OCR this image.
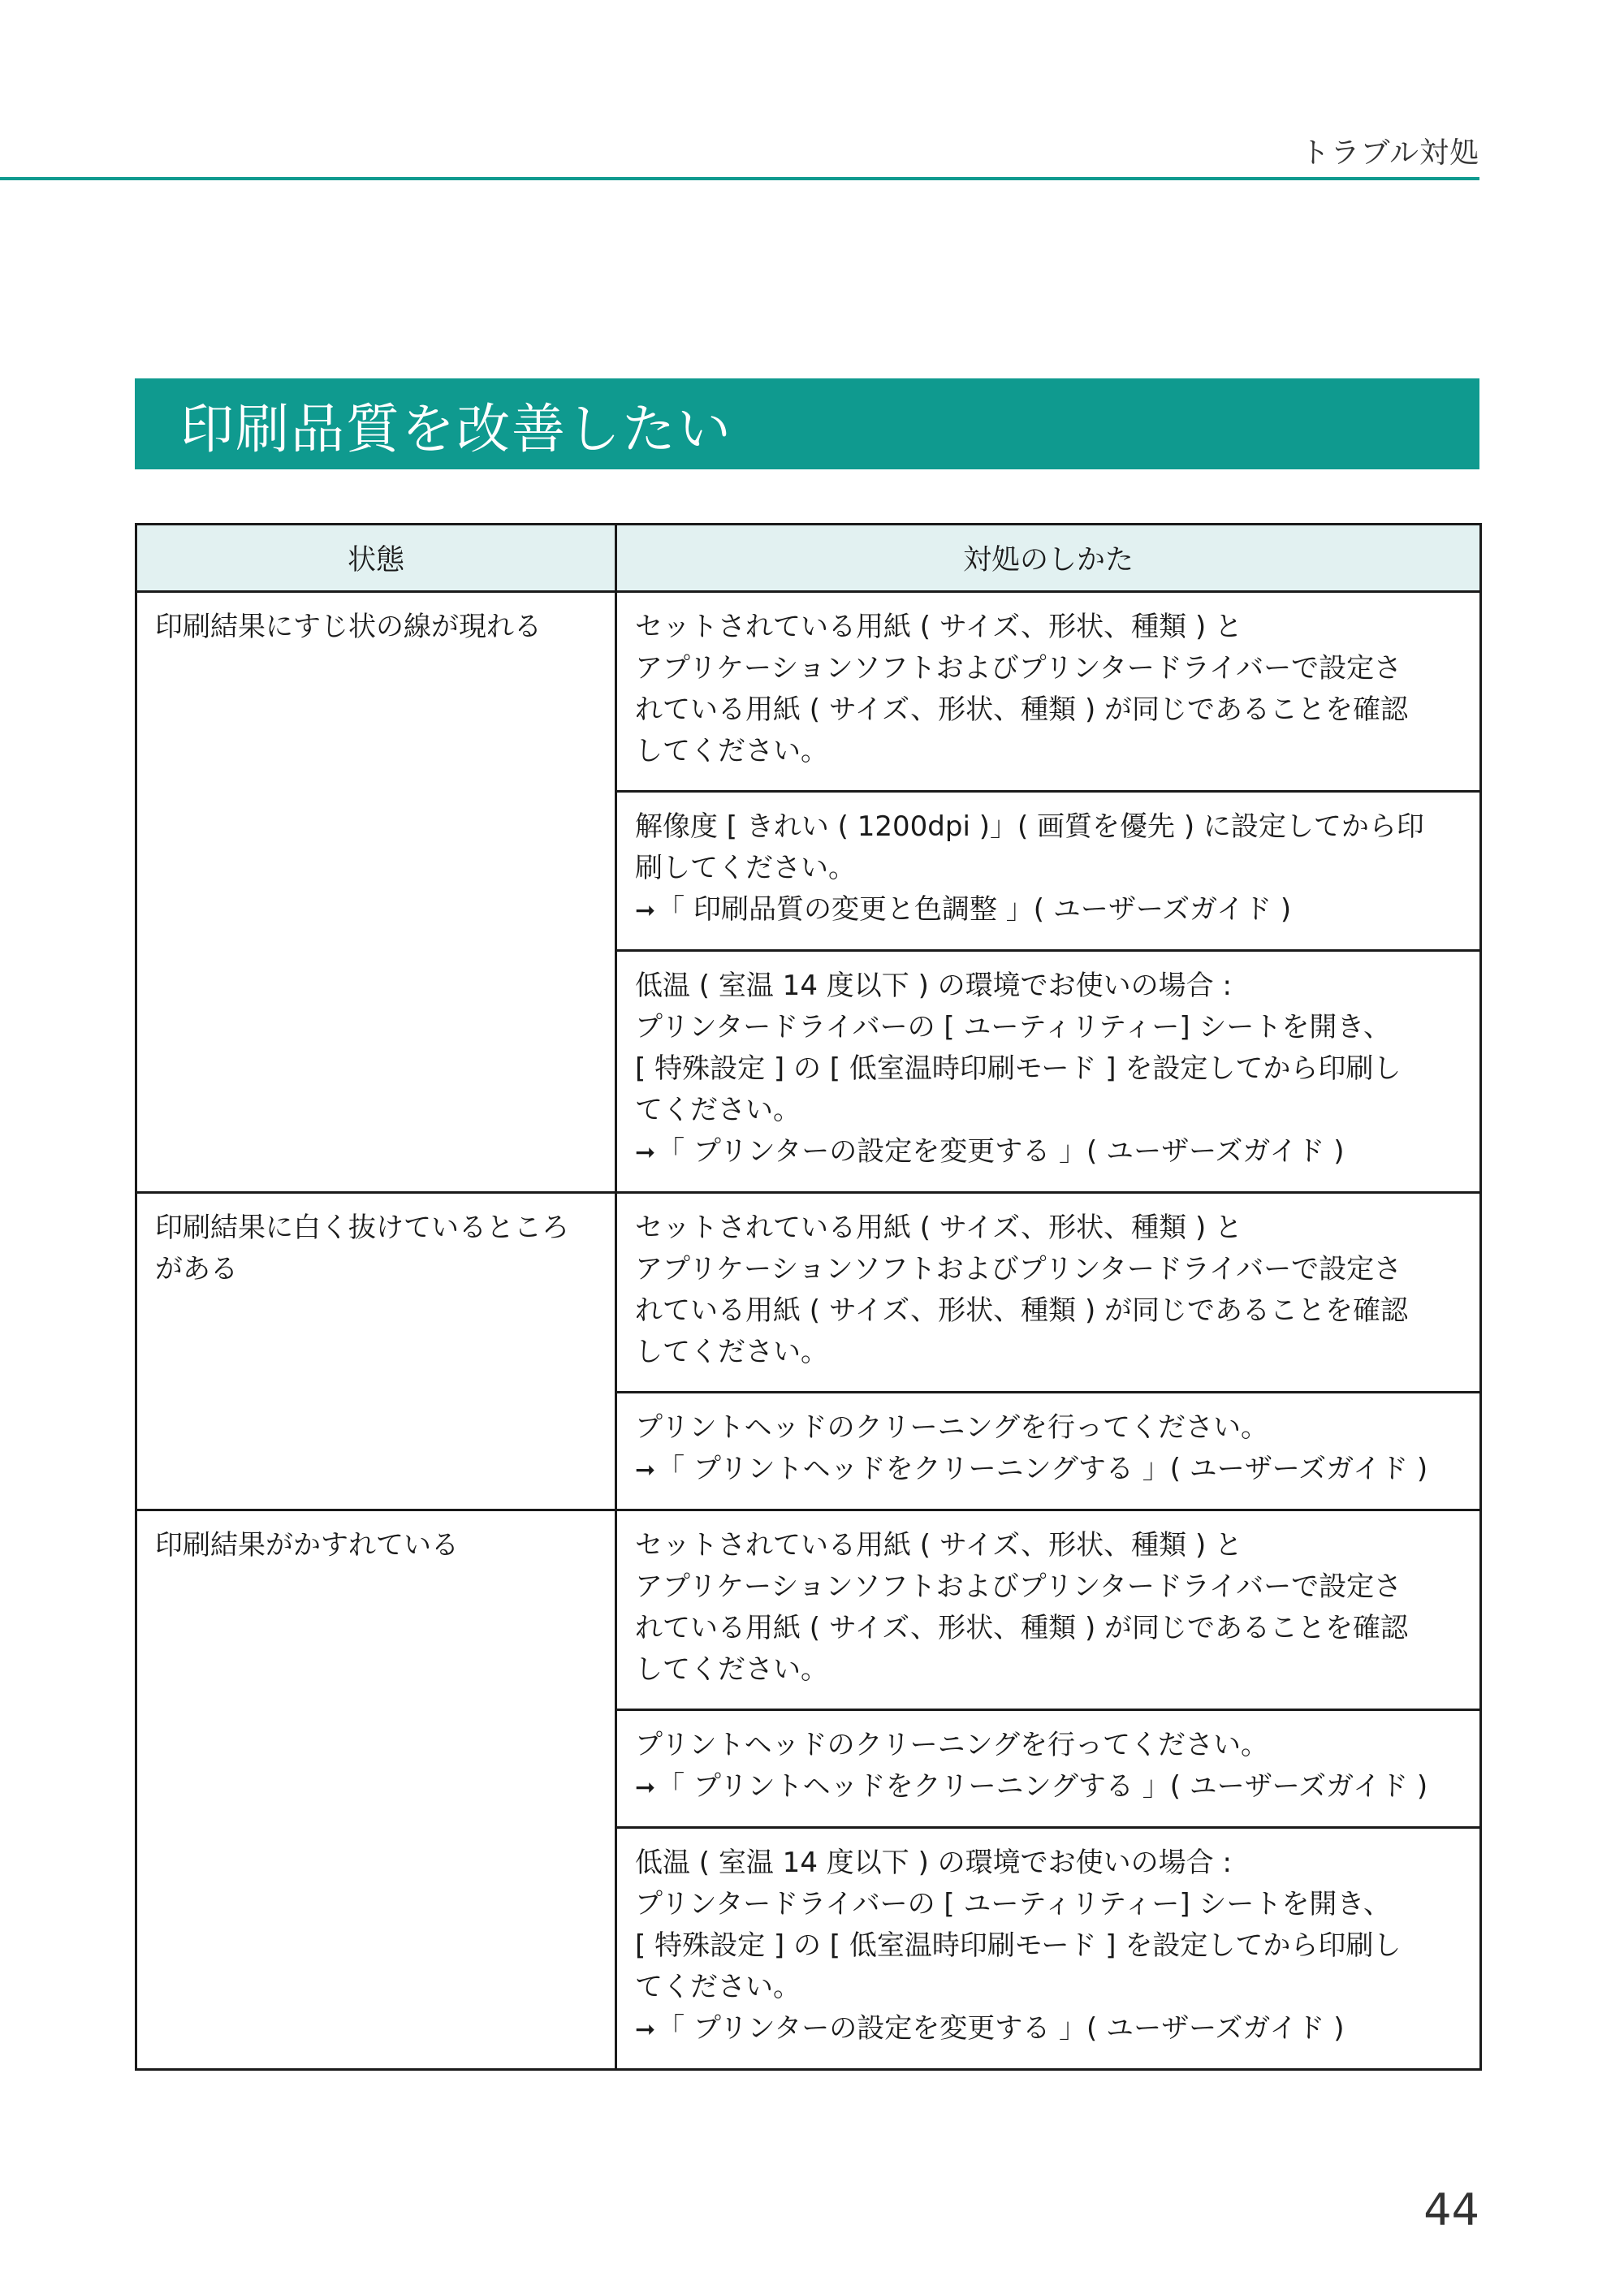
トラブル対処
印刷品質を改善したい
状態	対処のしかた

印刷結果にすじ状の線が現れる	セットされている用紙 ( サイズ、形状、種類 ) と
アプリケーションソフトおよびプリンタードライバーで設定さ
れている用紙 ( サイズ、形状、種類 ) が同じであることを確認
してください。

	解像度 [ きれい ( 1200dpi )」( 画質を優先 ) に設定してから印
刷してください。
➞「 印刷品質の変更と色調整 」( ユーザーズガイド )

	低温 ( 室温 14 度以下 ) の環境でお使いの場合 :
プリンタードライバーの [ ユーティリティー] シートを開き、
[ 特殊設定 ] の [ 低室温時印刷モード ] を設定してから印刷し
てください。
➞「 プリンターの設定を変更する 」( ユーザーズガイド )

印刷結果に白く抜けているところ
がある	セットされている用紙 ( サイズ、形状、種類 ) と
アプリケーションソフトおよびプリンタードライバーで設定さ
れている用紙 ( サイズ、形状、種類 ) が同じであることを確認
してください。

	プリントヘッドのクリーニングを行ってください。
➞「 プリントヘッドをクリーニングする 」( ユーザーズガイド )

印刷結果がかすれている	セットされている用紙 ( サイズ、形状、種類 ) と
アプリケーションソフトおよびプリンタードライバーで設定さ
れている用紙 ( サイズ、形状、種類 ) が同じであることを確認
してください。

	プリントヘッドのクリーニングを行ってください。
➞「 プリントヘッドをクリーニングする 」( ユーザーズガイド )

	低温 ( 室温 14 度以下 ) の環境でお使いの場合 :
プリンタードライバーの [ ユーティリティー] シートを開き、
[ 特殊設定 ] の [ 低室温時印刷モード ] を設定してから印刷し
てください。
➞「 プリンターの設定を変更する 」( ユーザーズガイド )
44
